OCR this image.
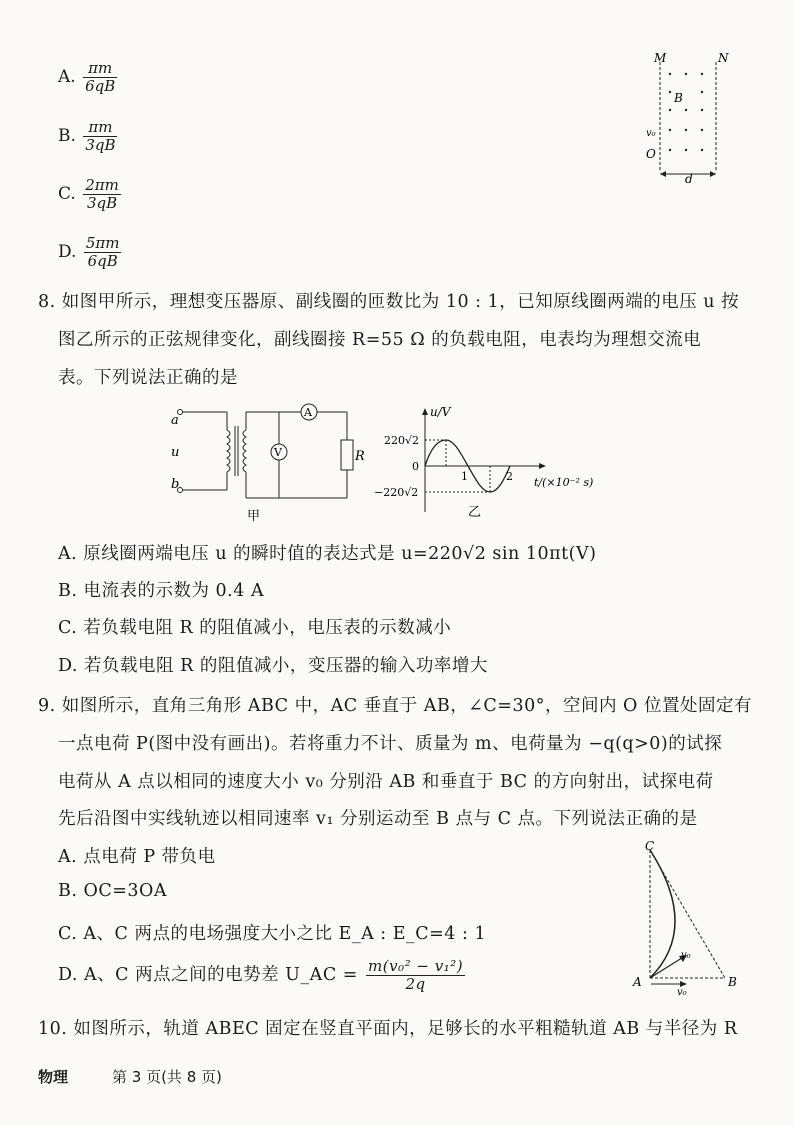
A. $\frac{\pi m}{6qB}$
B. $\frac{\pi m}{3qB}$
C. $\frac{2\pi m}{3qB}$
D. $\frac{5\pi m}{6qB}$
M	N
B
v₀
O
d
8. 如图甲所示，理想变压器原、副线圈的匝数比为 10 : 1，已知原线圈两端的电压 u 按
图乙所示的正弦规律变化，副线圈接 R=55 Ω 的负载电阻，电表均为理想交流电
表。下列说法正确的是
A
V
a
u
b
R
甲
u/V
220√2
0
−220√2
1	2 t/(×10⁻² s)
乙
A. 原线圈两端电压 u 的瞬时值的表达式是 u=220√2 sin 10πt(V)
B. 电流表的示数为 0.4 A
C. 若负载电阻 R 的阻值减小，电压表的示数减小
D. 若负载电阻 R 的阻值减小，变压器的输入功率增大
9. 如图所示，直角三角形 ABC 中，AC 垂直于 AB，∠C=30°，空间内 O 位置处固定有
一点电荷 P(图中没有画出)。若将重力不计、质量为 m、电荷量为 −q(q>0)的试探
电荷从 A 点以相同的速度大小 v₀ 分别沿 AB 和垂直于 BC 的方向射出，试探电荷
先后沿图中实线轨迹以相同速率 v₁ 分别运动至 B 点与 C 点。下列说法正确的是
A. 点电荷 P 带负电
B. OC=3OA
C. A、C 两点的电场强度大小之比 E_A : E_C=4 : 1
D. A、C 两点之间的电势差 U_AC = $\frac{\text{m(v₀² − v₁²)}}{2q}$
C
A	B
v₀
v₀
10. 如图所示，轨道 ABEC 固定在竖直平面内，足够长的水平粗糙轨道 AB 与半径为 R
物理	第 3 页(共 8 页)
